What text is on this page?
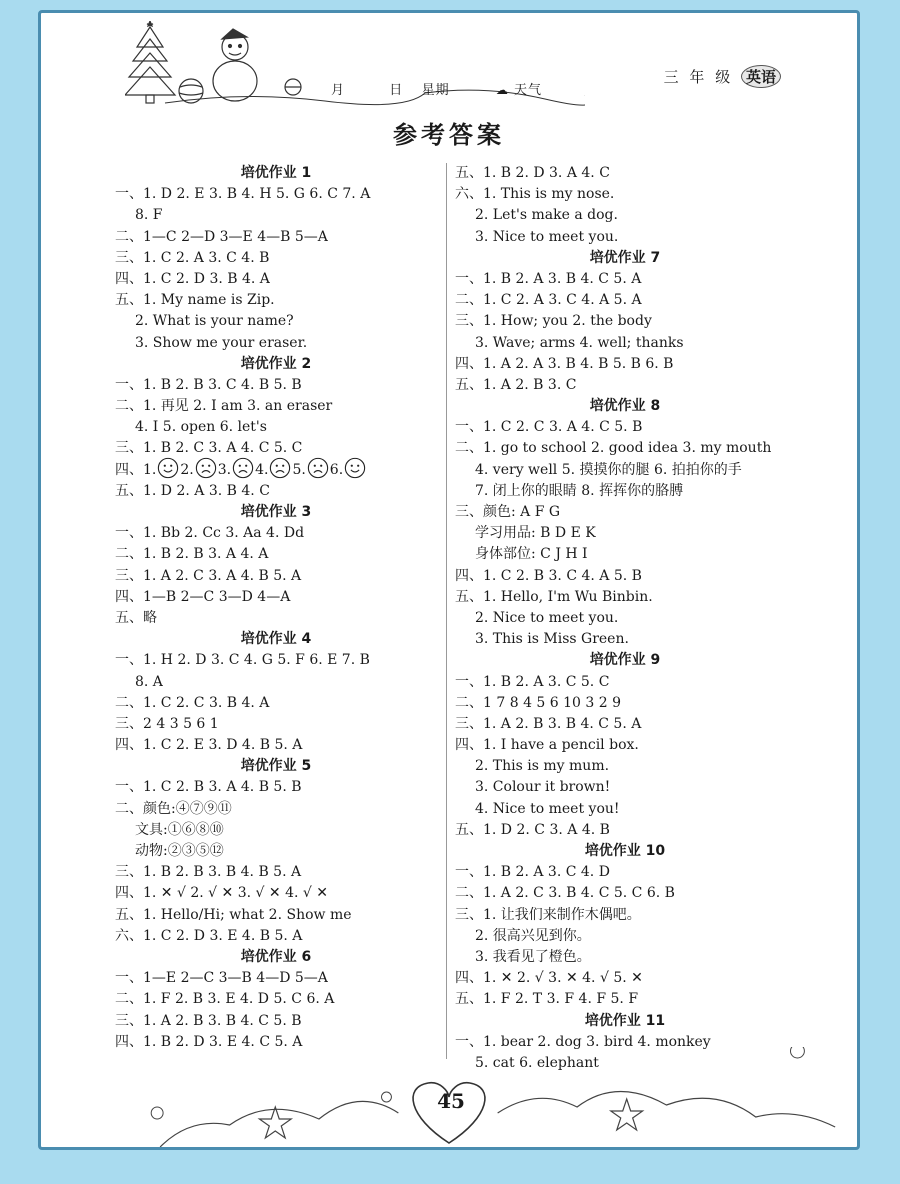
月	日 星期	☁ 天气
三 年 级 英语
参考答案
培优作业 1
一、1. D 2. E 3. B 4. H 5. G 6. C 7. A
8. F
二、1—C 2—D 3—E 4—B 5—A
三、1. C 2. A 3. C 4. B
四、1. C 2. D 3. B 4. A
五、1. My name is Zip.
2. What is your name?
3. Show me your eraser.
培优作业 2
一、1. B 2. B 3. C 4. B 5. B
二、1. 再见 2. I am 3. an eraser
4. I 5. open 6. let's
三、1. B 2. C 3. A 4. C 5. C
四、1. 2. 3. 4. 5. 6.
五、1. D 2. A 3. B 4. C
培优作业 3
一、1. Bb 2. Cc 3. Aa 4. Dd
二、1. B 2. B 3. A 4. A
三、1. A 2. C 3. A 4. B 5. A
四、1—B 2—C 3—D 4—A
五、略
培优作业 4
一、1. H 2. D 3. C 4. G 5. F 6. E 7. B
8. A
二、1. C 2. C 3. B 4. A
三、2 4 3 5 6 1
四、1. C 2. E 3. D 4. B 5. A
培优作业 5
一、1. C 2. B 3. A 4. B 5. B
二、颜色:④⑦⑨⑪
文具:①⑥⑧⑩
动物:②③⑤⑫
三、1. B 2. B 3. B 4. B 5. A
四、1. ✕ √ 2. √ ✕ 3. √ ✕ 4. √ ✕
五、1. Hello/Hi; what 2. Show me
六、1. C 2. D 3. E 4. B 5. A
培优作业 6
一、1—E 2—C 3—B 4—D 5—A
二、1. F 2. B 3. E 4. D 5. C 6. A
三、1. A 2. B 3. B 4. C 5. B
四、1. B 2. D 3. E 4. C 5. A
五、1. B 2. D 3. A 4. C
六、1. This is my nose.
2. Let's make a dog.
3. Nice to meet you.
培优作业 7
一、1. B 2. A 3. B 4. C 5. A
二、1. C 2. A 3. C 4. A 5. A
三、1. How; you 2. the body
3. Wave; arms 4. well; thanks
四、1. A 2. A 3. B 4. B 5. B 6. B
五、1. A 2. B 3. C
培优作业 8
一、1. C 2. C 3. A 4. C 5. B
二、1. go to school 2. good idea 3. my mouth
4. very well 5. 摸摸你的腿 6. 拍拍你的手
7. 闭上你的眼睛 8. 挥挥你的胳膊
三、颜色: A F G
学习用品: B D E K
身体部位: C J H I
四、1. C 2. B 3. C 4. A 5. B
五、1. Hello, I'm Wu Binbin.
2. Nice to meet you.
3. This is Miss Green.
培优作业 9
一、1. B 2. A 3. C 5. C
二、1 7 8 4 5 6 10 3 2 9
三、1. A 2. B 3. B 4. C 5. A
四、1. I have a pencil box.
2. This is my mum.
3. Colour it brown!
4. Nice to meet you!
五、1. D 2. C 3. A 4. B
培优作业 10
一、1. B 2. A 3. C 4. D
二、1. A 2. C 3. B 4. C 5. C 6. B
三、1. 让我们来制作木偶吧。
2. 很高兴见到你。
3. 我看见了橙色。
四、1. ✕ 2. √ 3. ✕ 4. √ 5. ✕
五、1. F 2. T 3. F 4. F 5. F
培优作业 11
一、1. bear 2. dog 3. bird 4. monkey
5. cat 6. elephant
45
